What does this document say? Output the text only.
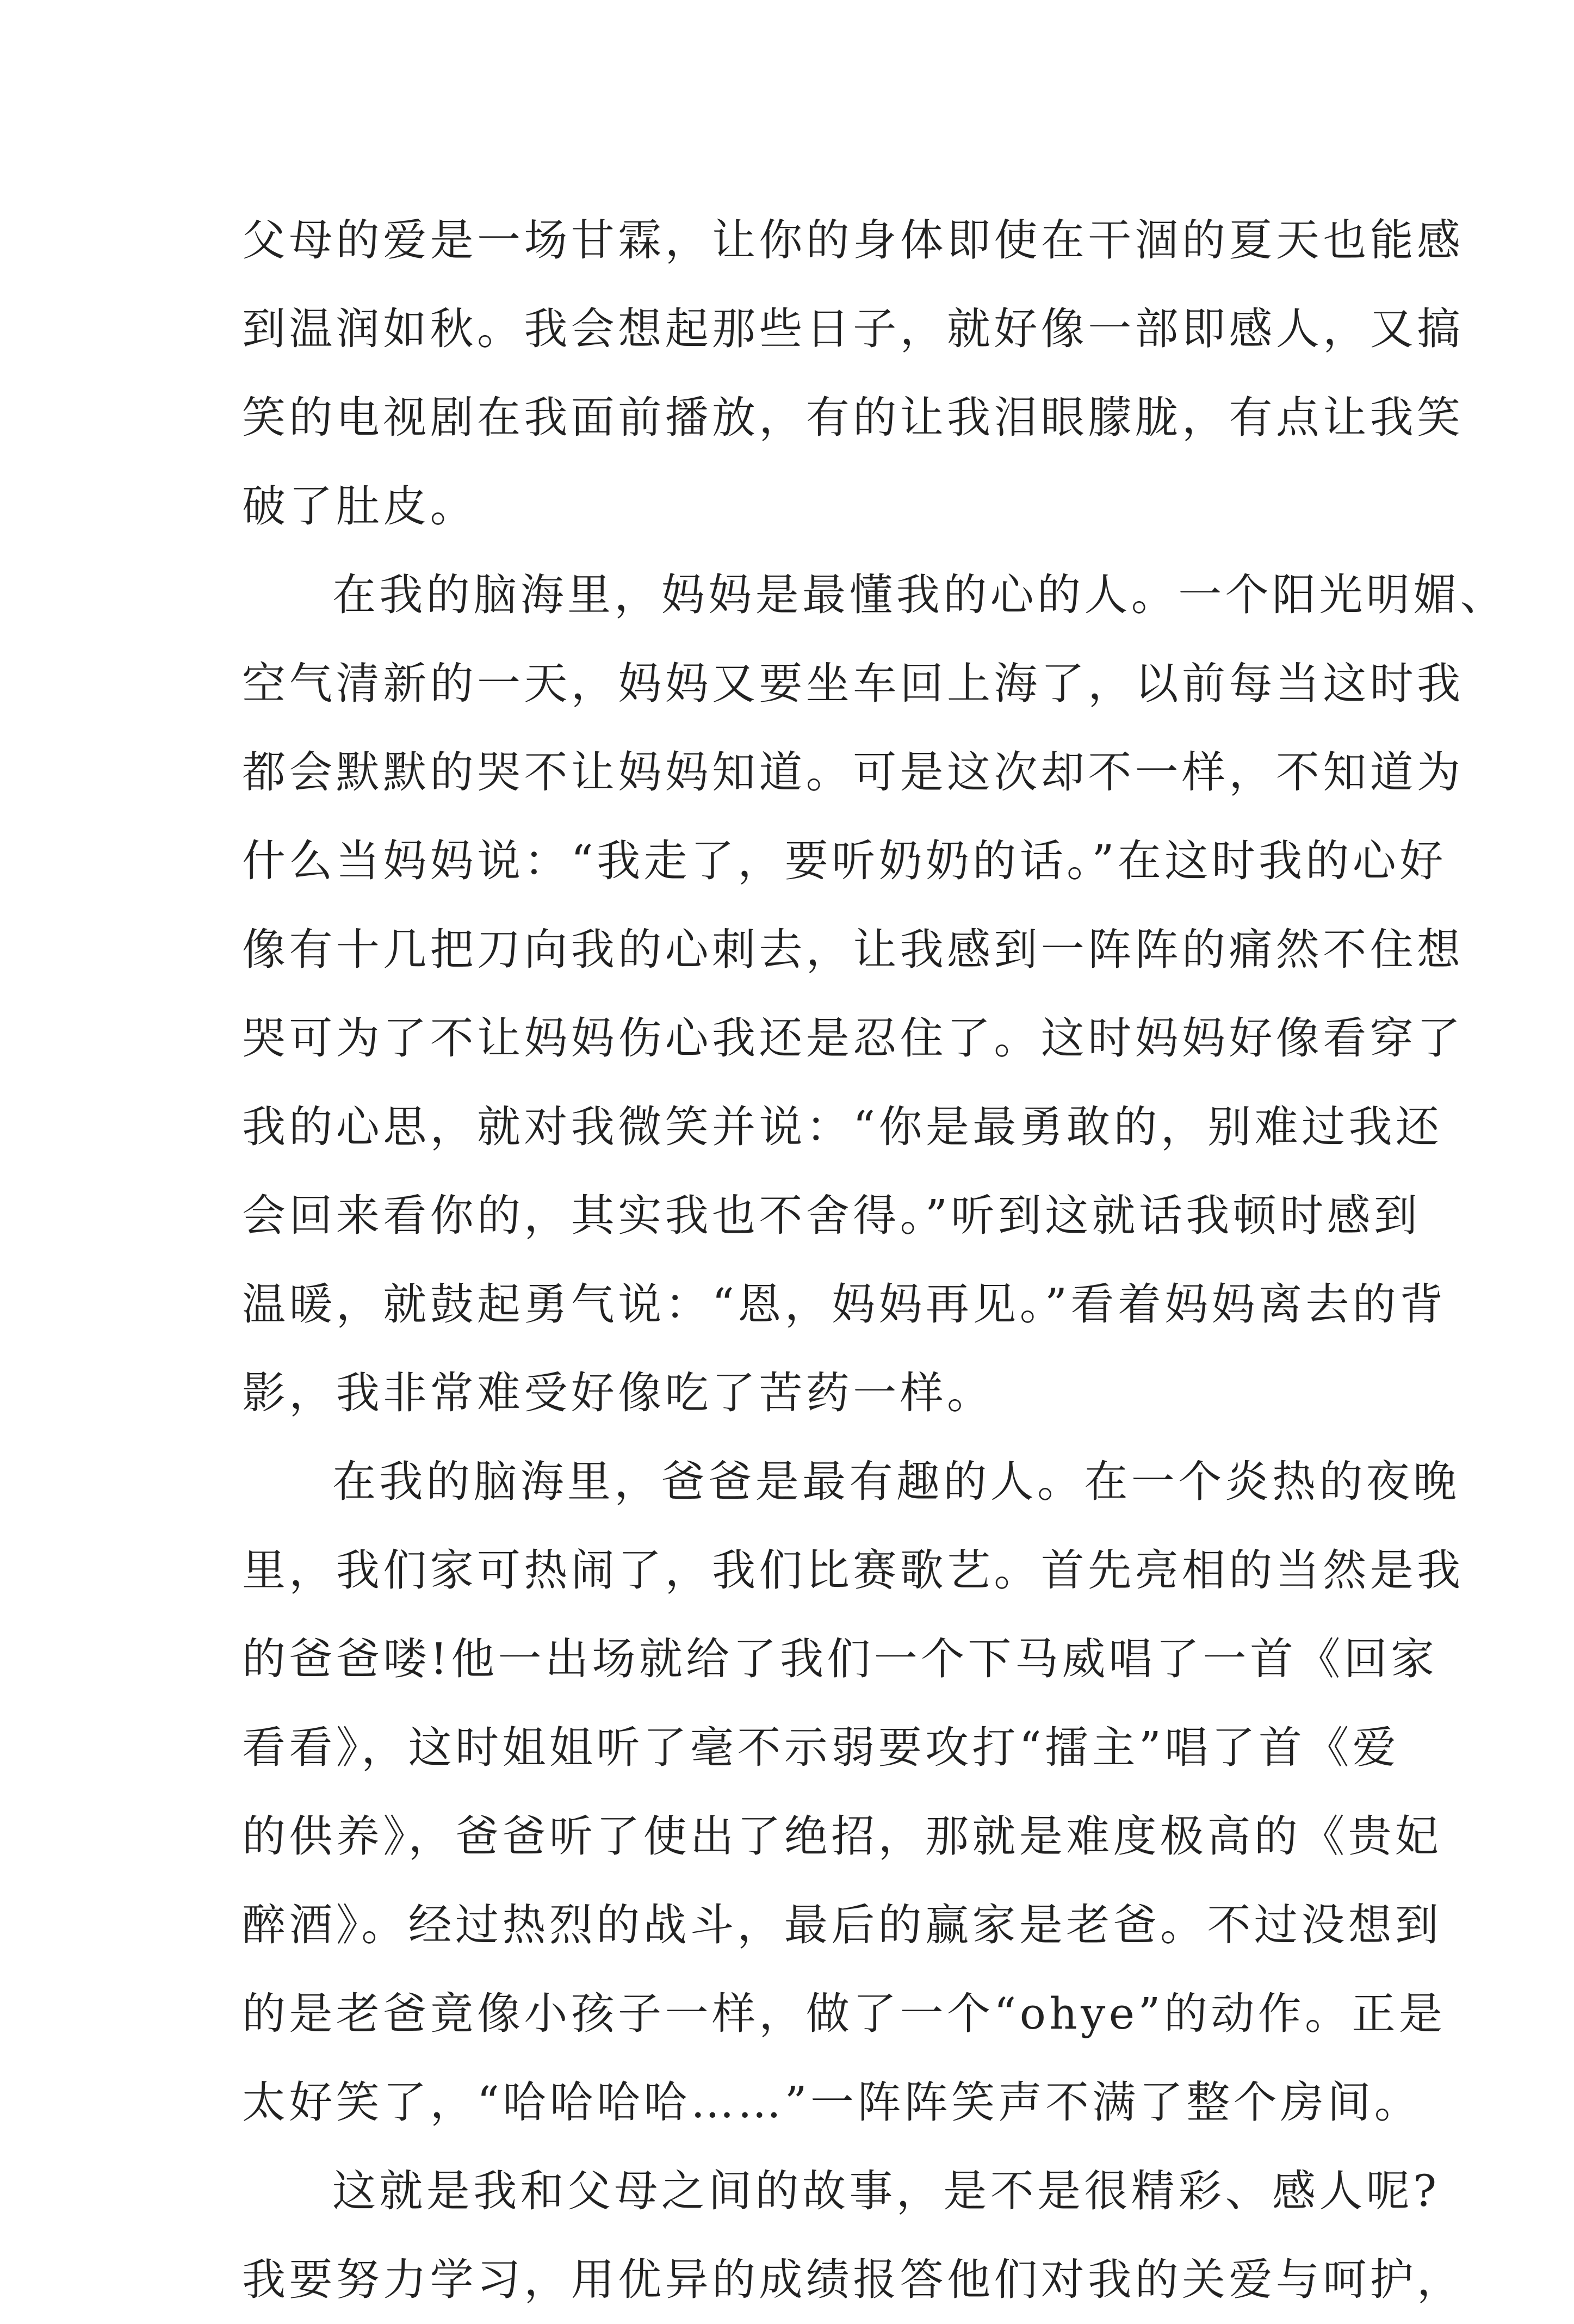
父母的爱是一场甘霖，让你的身体即使在干涸的夏天也能感
到温润如秋。我会想起那些日子，就好像一部即感人，又搞
笑的电视剧在我面前播放，有的让我泪眼朦胧，有点让我笑
破了肚皮。
在我的脑海里，妈妈是最懂我的心的人。一个阳光明媚、
空气清新的一天，妈妈又要坐车回上海了，以前每当这时我
都会默默的哭不让妈妈知道。可是这次却不一样，不知道为
什么当妈妈说：“我走了，要听奶奶的话。”在这时我的心好
像有十几把刀向我的心刺去，让我感到一阵阵的痛然不住想
哭可为了不让妈妈伤心我还是忍住了。这时妈妈好像看穿了
我的心思，就对我微笑并说：“你是最勇敢的，别难过我还
会回来看你的，其实我也不舍得。”听到这就话我顿时感到
温暖，就鼓起勇气说：“恩，妈妈再见。”看着妈妈离去的背
影，我非常难受好像吃了苦药一样。
在我的脑海里，爸爸是最有趣的人。在一个炎热的夜晚
里，我们家可热闹了，我们比赛歌艺。首先亮相的当然是我
的爸爸喽!他一出场就给了我们一个下马威唱了一首《回家
看看》，这时姐姐听了毫不示弱要攻打“擂主”唱了首《爱
的供养》，爸爸听了使出了绝招，那就是难度极高的《贵妃
醉酒》。经过热烈的战斗，最后的赢家是老爸。不过没想到
的是老爸竟像小孩子一样，做了一个“ohye”的动作。正是
太好笑了，“哈哈哈哈……”一阵阵笑声不满了整个房间。
这就是我和父母之间的故事，是不是很精彩、感人呢?
我要努力学习，用优异的成绩报答他们对我的关爱与呵护，
